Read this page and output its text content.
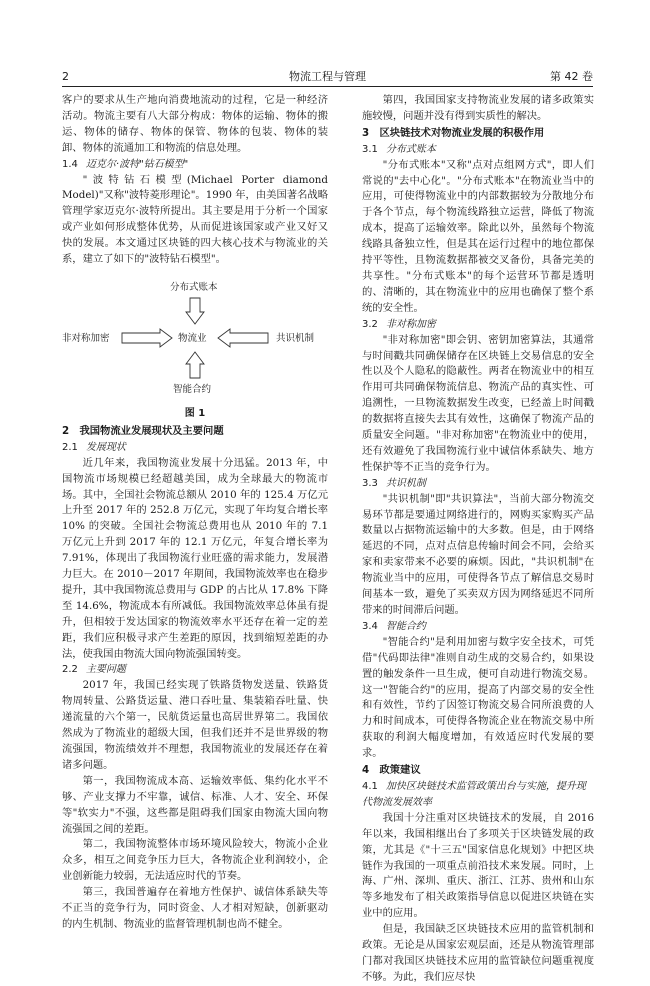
2	物流工程与管理	第 42 卷

客户的要求从生产地向消费地流动的过程，它是一种经济活动。物流主要有八大部分构成：物体的运输、物体的搬运、物体的储存、物体的保管、物体的包装、物体的装卸、物体的流通加工和物流的信息处理。

1.4 迈克尔·波特"钻石模型"

"波特钻石模型(Michael Porter diamond Model)"又称"波特菱形理论"。1990 年，由美国著名战略管理学家迈克尔·波特所提出。其主要是用于分析一个国家或产业如何形成整体优势，从而促进该国家或产业又好又快的发展。本文通过区块链的四大核心技术与物流业的关系，建立了如下的"波特钻石模型"。

分布式账本
非对称加密	物流业	共识机制
智能合约

图 1

2　我国物流业发展现状及主要问题

2.1 发展现状

近几年来，我国物流业发展十分迅猛。2013 年，中国物流市场规模已经超越美国，成为全球最大的物流市场。其中，全国社会物流总额从 2010 年的 125.4 万亿元上升至 2017 年的 252.8 万亿元，实现了年均复合增长率 10% 的突破。全国社会物流总费用也从 2010 年的 7.1 万亿元上升到 2017 年的 12.1 万亿元，年复合增长率为 7.91%，体现出了我国物流行业旺盛的需求能力，发展潜力巨大。在 2010－2017 年期间，我国物流效率也在稳步提升，其中我国物流总费用与 GDP 的占比从 17.8% 下降至 14.6%，物流成本有所减低。我国物流效率总体虽有提升，但相较于发达国家的物流效率水平还存在着一定的差距，我们应积极寻求产生差距的原因，找到缩短差距的办法，使我国由物流大国向物流强国转变。

2.2 主要问题

2017 年，我国已经实现了铁路货物发送量、铁路货物周转量、公路货运量、港口吞吐量、集装箱吞吐量、快递流量的六个第一，民航货运量也高居世界第二。我国依然成为了物流业的超级大国，但我们还并不是世界级的物流强国，物流绩效并不理想，我国物流业的发展还存在着诸多问题。

第一，我国物流成本高、运输效率低、集约化水平不够、产业支撑力不牢靠，诚信、标准、人才、安全、环保等"软实力"不强，这些都是阻碍我们国家由物流大国向物流强国之间的差距。

第二，我国物流整体市场环境风险较大，物流小企业众多，相互之间竞争压力巨大，各物流企业利润较小，企业创新能力较弱，无法适应时代的节奏。

第三，我国普遍存在着地方性保护、诚信体系缺失等不正当的竞争行为，同时资金、人才相对短缺，创新驱动的内生机制、物流业的监督管理机制也尚不健全。

第四，我国国家支持物流业发展的诸多政策实施较慢，问题并没有得到实质性的解决。

3　区块链技术对物流业发展的积极作用

3.1 分布式账本

"分布式账本"又称"点对点组网方式"，即人们常说的"去中心化"。"分布式账本"在物流业当中的应用，可使得物流业中的内部数据较为分散地分布于各个节点，每个物流线路独立运营，降低了物流成本，提高了运输效率。除此以外，虽然每个物流线路具备独立性，但是其在运行过程中的地位都保持平等性，且物流数据都被交叉备份，具备完美的共享性。"分布式账本"的每个运营环节都是透明的、清晰的，其在物流业中的应用也确保了整个系统的安全性。

3.2 非对称加密

"非对称加密"即会钥、密钥加密算法，其通常与时间戳共同确保储存在区块链上交易信息的安全性以及个人隐私的隐蔽性。两者在物流业中的相互作用可共同确保物流信息、物流产品的真实性、可追溯性，一旦物流数据发生改变，已经盖上时间戳的数据将直接失去其有效性，这确保了物流产品的质量安全问题。"非对称加密"在物流业中的使用，还有效避免了我国物流行业中诚信体系缺失、地方性保护等不正当的竞争行为。

3.3 共识机制

"共识机制"即"共识算法"，当前大部分物流交易环节都是要通过网络进行的，网购买家购买产品数量以占据物流运输中的大多数。但是，由于网络延迟的不同，点对点信息传输时间会不同，会给买家和卖家带来不必要的麻烦。因此，"共识机制"在物流业当中的应用，可使得各节点了解信息交易时间基本一致，避免了买卖双方因为网络延迟不同所带来的时间滞后问题。

3.4 智能合约

"智能合约"是利用加密与数字安全技术，可凭借"代码即法律"准则自动生成的交易合约，如果设置的触发条件一旦生成，便可自动进行物流交易。这一"智能合约"的应用，提高了内部交易的安全性和有效性，节约了因签订物流交易合同所浪费的人力和时间成本，可使得各物流企业在物流交易中所获取的利润大幅度增加，有效适应时代发展的要求。

4　政策建议

4.1 加快区块链技术监管政策出台与实施，提升现代物流发展效率

我国十分注重对区块链技术的发展，自 2016 年以来，我国相继出台了多项关于区块链发展的政策，尤其是《"十三五"国家信息化规划》中把区块链作为我国的一项重点前沿技术来发展。同时，上海、广州、深圳、重庆、浙江、江苏、贵州和山东等多地发布了相关政策指导信息以促进区块链在实业中的应用。

但是，我国缺乏区块链技术应用的监管机制和政策。无论是从国家宏观层面，还是从物流管理部门都对我国区块链技术应用的监管缺位问题重视度不够。为此，我们应尽快
